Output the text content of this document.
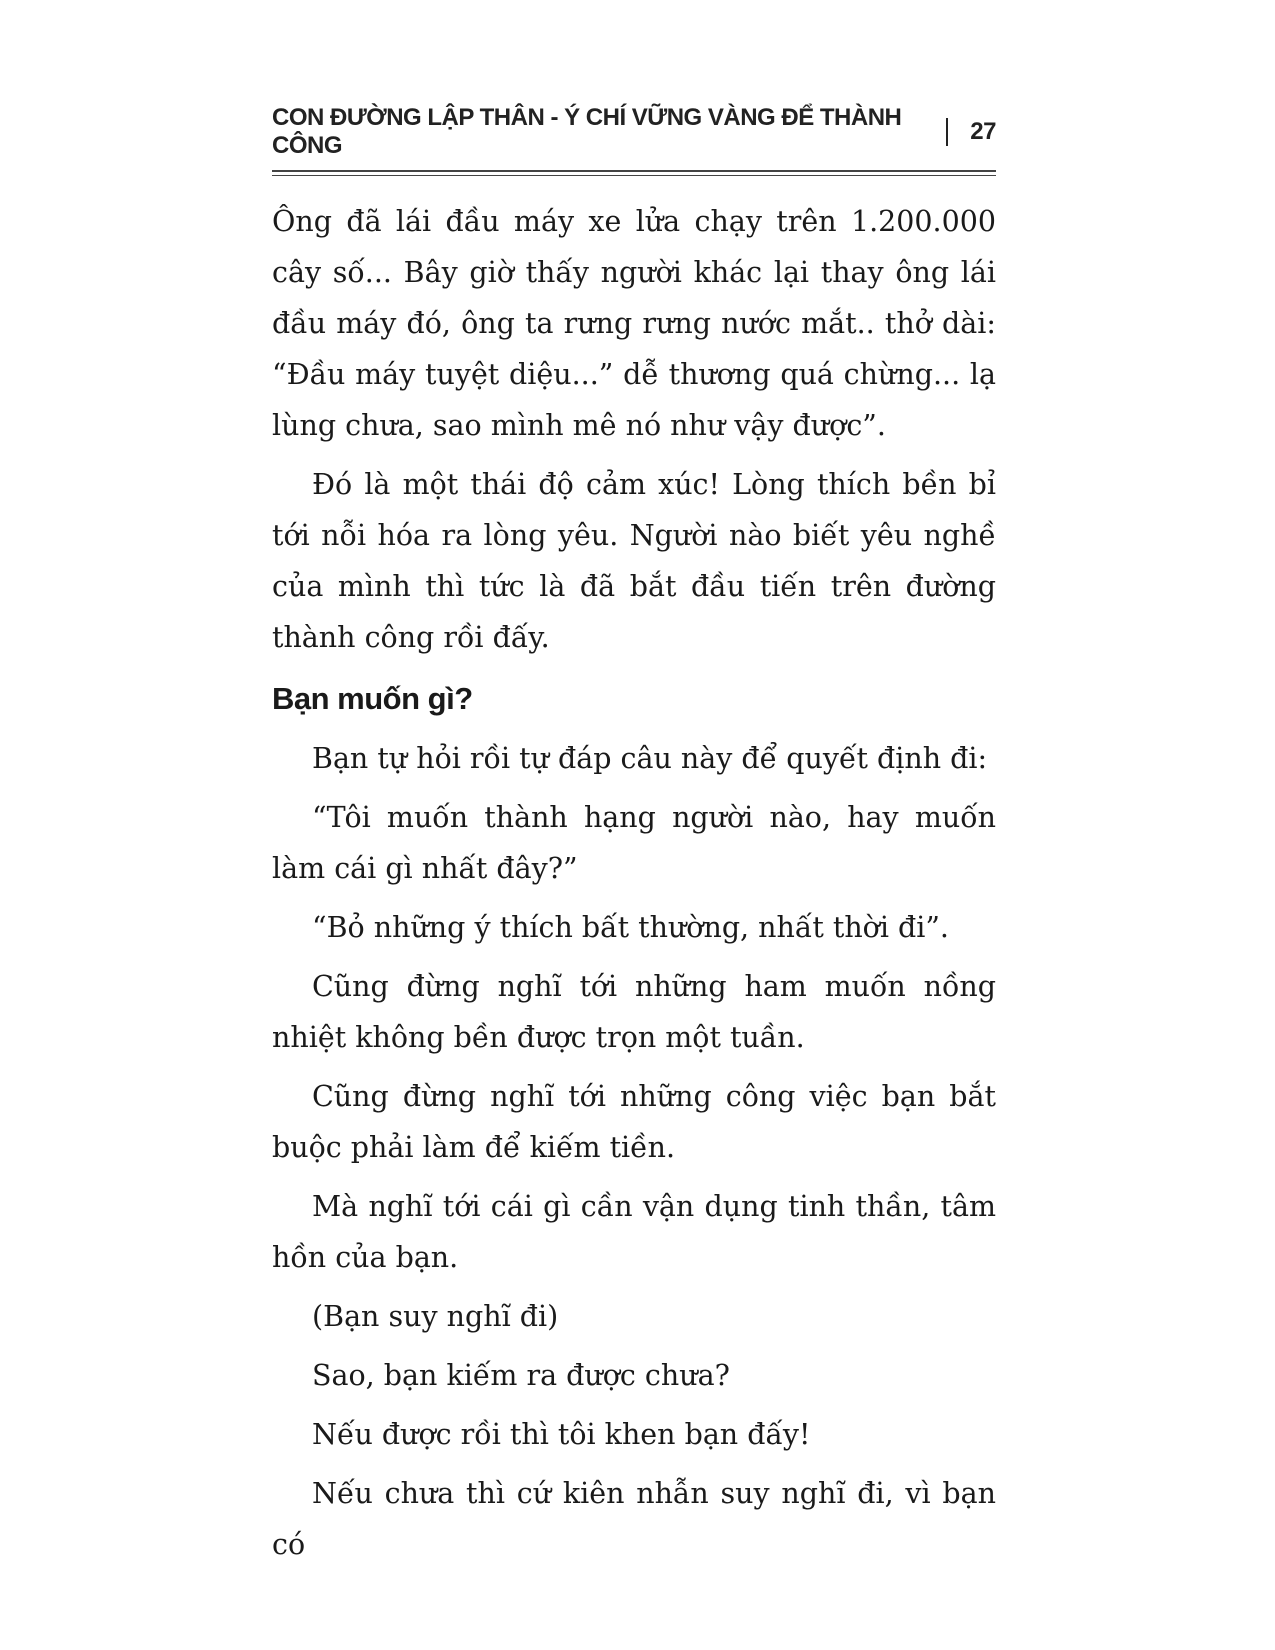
CON ĐƯỜNG LẬP THÂN - Ý CHÍ VỮNG VÀNG ĐỂ THÀNH CÔNG
27

Ông đã lái đầu máy xe lửa chạy trên 1.200.000 cây số... Bây giờ thấy người khác lại thay ông lái đầu máy đó, ông ta rưng rưng nước mắt.. thở dài: “Đầu máy tuyệt diệu...” dễ thương quá chừng... lạ lùng chưa, sao mình mê nó như vậy được”.

Đó là một thái độ cảm xúc! Lòng thích bền bỉ tới nỗi hóa ra lòng yêu. Người nào biết yêu nghề của mình thì tức là đã bắt đầu tiến trên đường thành công rồi đấy.

Bạn muốn gì?

Bạn tự hỏi rồi tự đáp câu này để quyết định đi:

“Tôi muốn thành hạng người nào, hay muốn làm cái gì nhất đây?”

“Bỏ những ý thích bất thường, nhất thời đi”.

Cũng đừng nghĩ tới những ham muốn nồng nhiệt không bền được trọn một tuần.

Cũng đừng nghĩ tới những công việc bạn bắt buộc phải làm để kiếm tiền.

Mà nghĩ tới cái gì cần vận dụng tinh thần, tâm hồn của bạn.

(Bạn suy nghĩ đi)

Sao, bạn kiếm ra được chưa?

Nếu được rồi thì tôi khen bạn đấy!

Nếu chưa thì cứ kiên nhẫn suy nghĩ đi, vì bạn có
